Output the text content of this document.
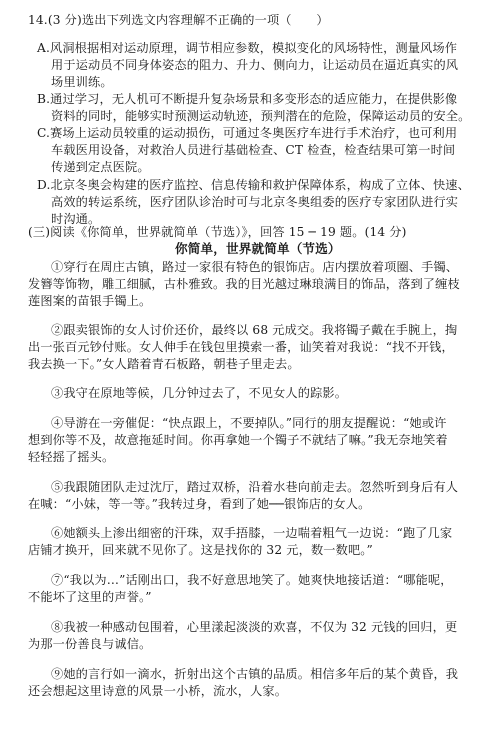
14.(3 分)选出下列选文内容理解不正确的一项（　　）
A.风洞根据相对运动原理，调节相应参数，模拟变化的风场特性，测量风场作
用于运动员不同身体姿态的阻力、升力、侧向力，让运动员在逼近真实的风
场里训练。
B.通过学习，无人机可不断提升复杂场景和多变形态的适应能力，在提供影像
资料的同时，能够实时预测运动轨迹，预判潜在的危险，保障运动员的安全。
C.赛场上运动员较重的运动损伤，可通过冬奥医疗车进行手术治疗，也可利用
车载医用设备，对救治人员进行基础检查、CT 检查，检查结果可第一时间
传递到定点医院。
D.北京冬奥会构建的医疗监控、信息传输和救护保障体系，构成了立体、快速、
高效的转运系统，医疗团队诊治时可与北京冬奥组委的医疗专家团队进行实
时沟通。
(三)阅读《你简单，世界就简单（节选）》，回答 15 ─ 19 题。(14 分)
你简单，世界就简单（节选）
①穿行在周庄古镇，路过一家很有特色的银饰店。店内摆放着项圈、手镯、
发簪等饰物，雕工细腻，古朴雅致。我的目光越过琳琅满目的饰品，落到了缠枝
莲图案的苗银手镯上。
②跟卖银饰的女人讨价还价，最终以 68 元成交。我将镯子戴在手腕上，掏
出一张百元钞付账。女人伸手在钱包里摸索一番，讪笑着对我说：“找不开钱，
我去换一下。”女人踏着青石板路，朝巷子里走去。
③我守在原地等候，几分钟过去了，不见女人的踪影。
④导游在一旁催促：“快点跟上，不要掉队。”同行的朋友提醒说：“她或许
想到你等不及，故意拖延时间。你再拿她一个镯子不就结了嘛。”我无奈地笑着
轻轻摇了摇头。
⑤我跟随团队走过沈厅，踏过双桥，沿着水巷向前走去。忽然听到身后有人
在喊：“小妹，等一等。”我转过身，看到了她──银饰店的女人。
⑥她额头上渗出细密的汗珠，双手捂膝，一边喘着粗气一边说：“跑了几家
店铺才换开，回来就不见你了。这是找你的 32 元，数一数吧。”
⑦“我以为…”话刚出口，我不好意思地笑了。她爽快地接话道：“哪能呢，
不能坏了这里的声誉。”
⑧我被一种感动包围着，心里漾起淡淡的欢喜，不仅为 32 元钱的回归，更
为那一份善良与诚信。
⑨她的言行如一滴水，折射出这个古镇的品质。相信多年后的某个黄昏，我
还会想起这里诗意的风景一小桥，流水，人家。
